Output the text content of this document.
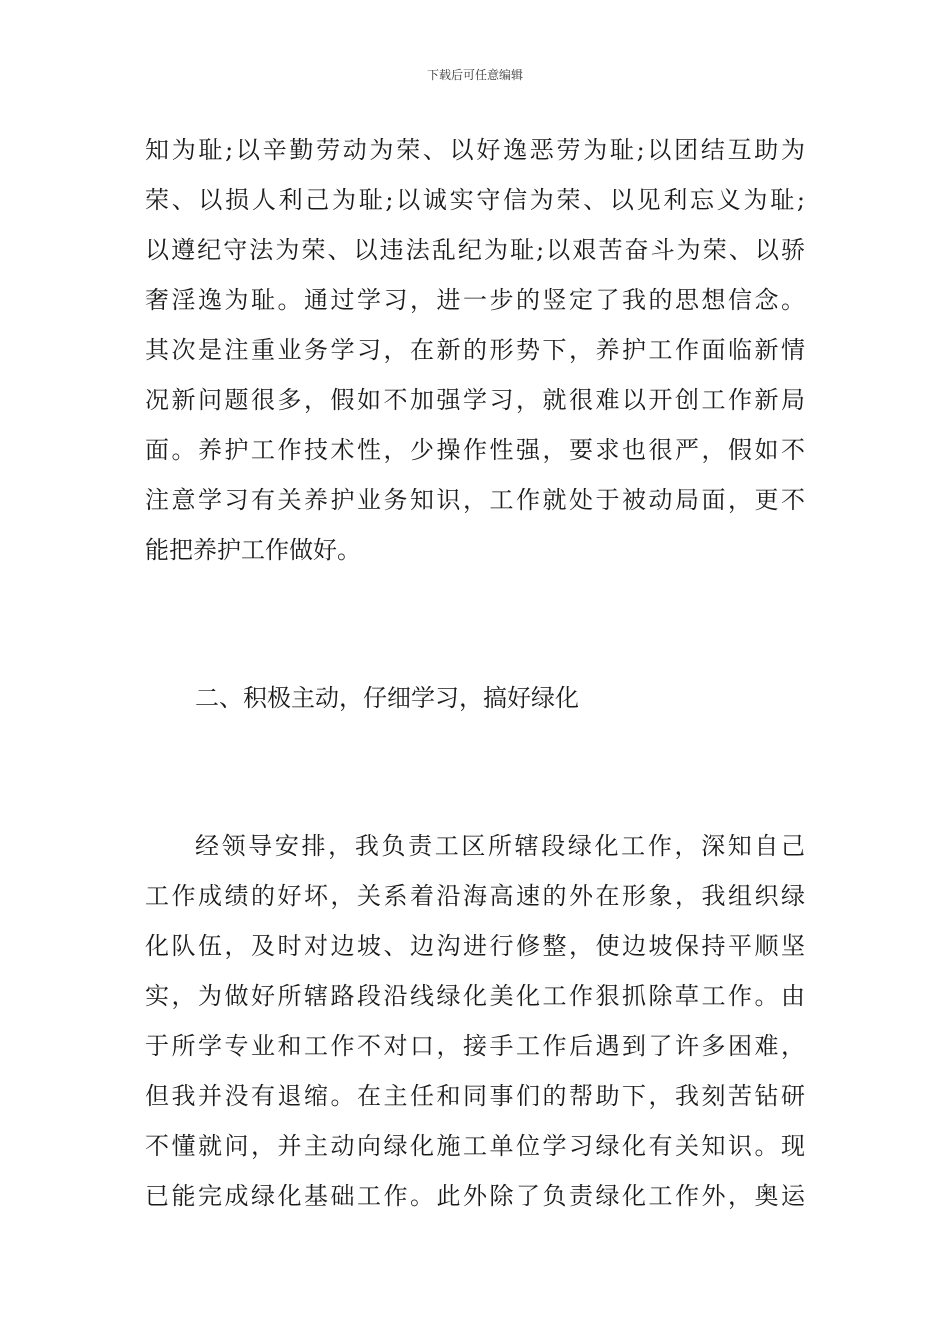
下载后可任意编辑
知为耻;以辛勤劳动为荣、以好逸恶劳为耻;以团结互助为
荣、以损人利己为耻;以诚实守信为荣、以见利忘义为耻;
以遵纪守法为荣、以违法乱纪为耻;以艰苦奋斗为荣、以骄
奢淫逸为耻。通过学习，进一步的竖定了我的思想信念。
其次是注重业务学习，在新的形势下，养护工作面临新情
况新问题很多，假如不加强学习，就很难以开创工作新局
面。养护工作技术性，少操作性强，要求也很严，假如不
注意学习有关养护业务知识，工作就处于被动局面，更不
能把养护工作做好。
二、积极主动，仔细学习，搞好绿化
经领导安排，我负责工区所辖段绿化工作，深知自己
工作成绩的好坏，关系着沿海高速的外在形象，我组织绿
化队伍，及时对边坡、边沟进行修整，使边坡保持平顺坚
实，为做好所辖路段沿线绿化美化工作狠抓除草工作。由
于所学专业和工作不对口，接手工作后遇到了许多困难，
但我并没有退缩。在主任和同事们的帮助下，我刻苦钻研
不懂就问，并主动向绿化施工单位学习绿化有关知识。现
已能完成绿化基础工作。此外除了负责绿化工作外，奥运
